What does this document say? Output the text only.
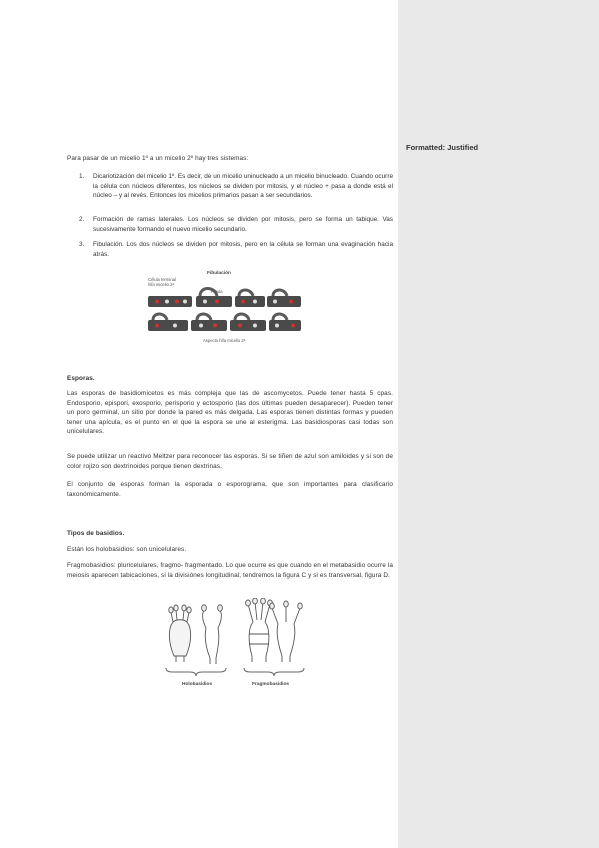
Para pasar de un micelio 1º a un micelio 2º hay tres sistemas:
1. Dicariotización del micelio 1º. Es decir, de un micelio uninucleado a un micelio binucleado. Cuando ocurre la célula con núcleos diferentes, los núcleos se dividen por mitosis, y el núcleo + pasa a donde está el núcleo – y al revés. Entonces los micelios primarios pasan a ser secundarios.
2. Formación de ramas laterales. Los núcleos se dividen por mitosis, pero se forma un tabique. Vas sucesivamente formando el nuevo micelio secundario.
3. Fibulación. Los dos núcleos se dividen por mitosis, pero en la célula se forman una evaginación hacia atrás.
Fibulación
Célula terminal
hifa micelio 2ª
Fíbula
Aspecto hifa micelio 2ª
Esporas.
Las esporas de basidiomicetos es más compleja que las de ascomycetos. Puede tener hasta 5 cpas. Endosporio, epispori, exosporio, perisporio y ectosporio (las dos últimas pueden desaparecer). Pueden tener un poro germinal, un sitio por donde la pared es más delgada. Las esporas tienen distintas formas y pueden tener una apícula, es el punto en el que la espora se une al esterigma. Las basidiosporas casi todas son unicelulares.
Se puede utilizar un reactivo Meltzer para reconocer las esporas. Si se tiñen de azul son amiloides y si son de color rojizo son dextrinoides porque tienen dextrinas.
El conjunto de esporas forman la esporada o esporograma, que son importantes para clasificario taxonómicamente.
Tipos de basidios.
Están los holobasidios: son unicelulares.
Fragmobasidios: pluricelulares, fragmo- fragmentado. Lo que ocurre es que cuando en el metabasidio ocurre la meiosis aparecen tabicaciones, si la divisiónes longitudinal, tendremos la figura C y si es transversal, figura D.
Holobasidios	Fragmobasidios
Formatted: Justified
